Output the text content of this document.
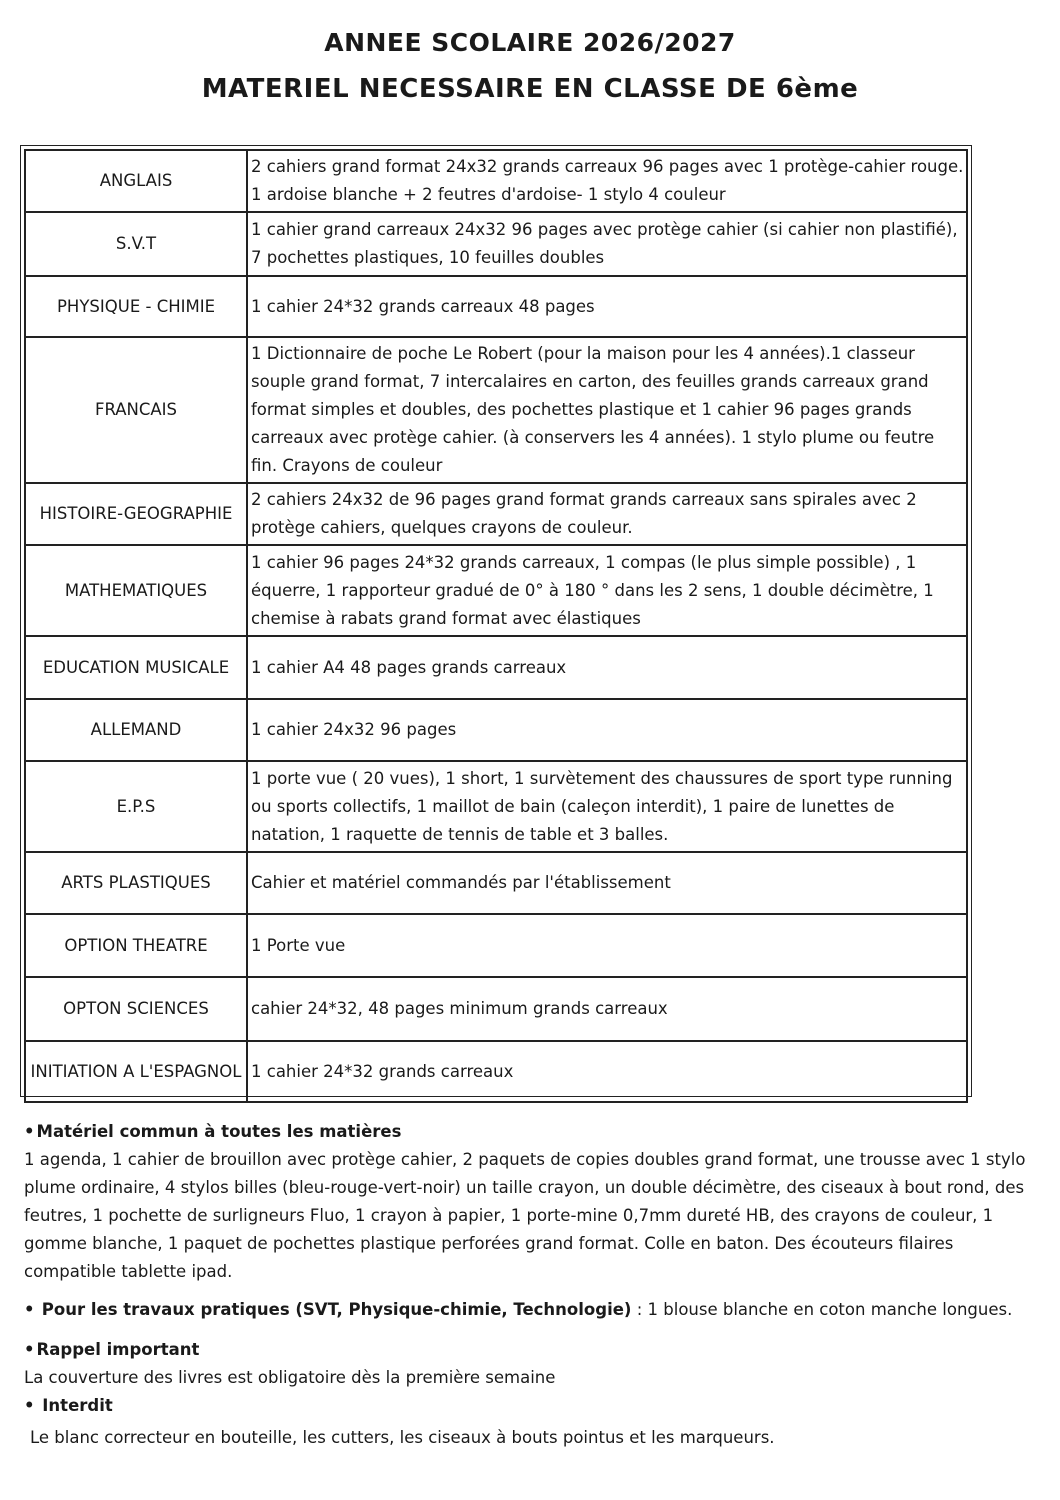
ANNEE SCOLAIRE 2026/2027
MATERIEL NECESSAIRE EN CLASSE DE 6ème
ANGLAIS	2 cahiers grand format 24x32 grands carreaux 96 pages avec 1 protège-cahier rouge. 1 ardoise blanche + 2 feutres d'ardoise- 1 stylo 4 couleur
S.V.T	1 cahier grand carreaux 24x32 96 pages avec protège cahier (si cahier non plastifié), 7 pochettes plastiques, 10 feuilles doubles
PHYSIQUE - CHIMIE	1 cahier 24*32 grands carreaux 48 pages
FRANCAIS	1 Dictionnaire de poche Le Robert (pour la maison pour les 4 années).1 classeur souple grand format, 7 intercalaires en carton, des feuilles grands carreaux grand format simples et doubles, des pochettes plastique et 1 cahier 96 pages grands carreaux avec protège cahier. (à conservers les 4 années). 1 stylo plume ou feutre fin. Crayons de couleur
HISTOIRE-GEOGRAPHIE	2 cahiers 24x32 de 96 pages grand format grands carreaux sans spirales avec 2 protège cahiers, quelques crayons de couleur.
MATHEMATIQUES	1 cahier 96 pages 24*32 grands carreaux, 1 compas (le plus simple possible) , 1 équerre, 1 rapporteur gradué de 0° à 180 ° dans les 2 sens, 1 double décimètre, 1 chemise à rabats grand format avec élastiques
EDUCATION MUSICALE	1 cahier A4 48 pages grands carreaux
ALLEMAND	1 cahier 24x32 96 pages
E.P.S	1 porte vue ( 20 vues), 1 short, 1 survètement des chaussures de sport type running ou sports collectifs, 1 maillot de bain (caleçon interdit), 1 paire de lunettes de natation, 1 raquette de tennis de table et 3 balles.
ARTS PLASTIQUES	Cahier et matériel commandés par l'établissement
OPTION THEATRE	1 Porte vue
OPTON SCIENCES	cahier 24*32, 48 pages minimum grands carreaux
INITIATION A L'ESPAGNOL	1 cahier 24*32 grands carreaux
• Matériel commun à toutes les matières
1 agenda, 1 cahier de brouillon avec protège cahier, 2 paquets de copies doubles grand format, une trousse avec 1 stylo plume ordinaire, 4 stylos billes (bleu-rouge-vert-noir) un taille crayon, un double décimètre, des ciseaux à bout rond, des feutres, 1 pochette de surligneurs Fluo, 1 crayon à papier, 1 porte-mine 0,7mm dureté HB, des crayons de couleur, 1 gomme blanche, 1 paquet de pochettes plastique perforées grand format. Colle en baton. Des écouteurs filaires compatible tablette ipad.
• Pour les travaux pratiques (SVT, Physique-chimie, Technologie) : 1 blouse blanche en coton manche longues.
• Rappel important
La couverture des livres est obligatoire dès la première semaine
• Interdit
Le blanc correcteur en bouteille, les cutters, les ciseaux à bouts pointus et les marqueurs.
